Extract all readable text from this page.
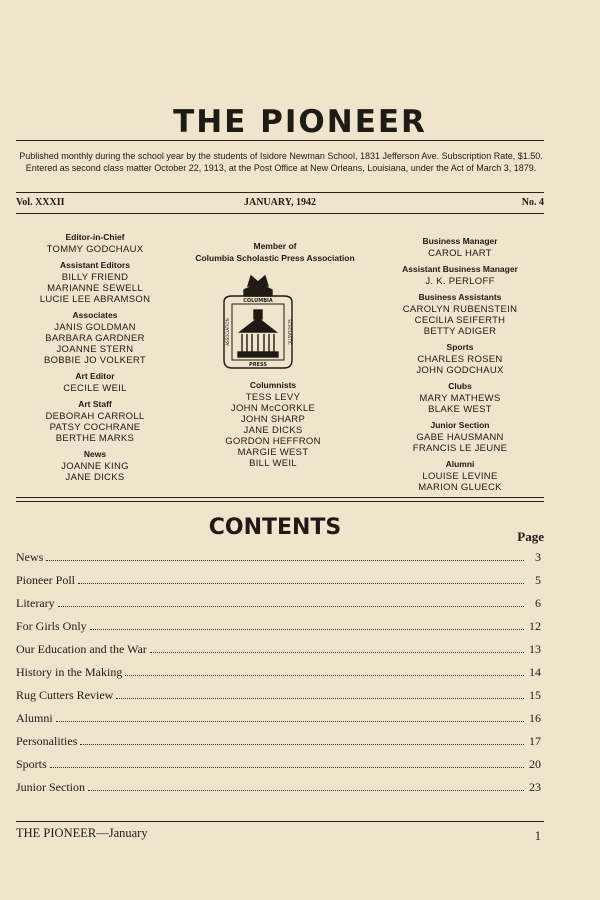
THE PIONEER
Published monthly during the school year by the students of Isidore Newman School, 1831 Jefferson Ave. Subscription Rate, $1.50. Entered as second class matter October 22, 1913, at the Post Office at New Orleans, Louisiana, under the Act of March 3, 1879.
Vol. XXXII	JANUARY, 1942	No. 4
Editor-in-Chief
TOMMY GODCHAUX
Assistant Editors
BILLY FRIEND
MARIANNE SEWELL
LUCIE LEE ABRAMSON
Associates
JANIS GOLDMAN
BARBARA GARDNER
JOANNE STERN
BOBBIE JO VOLKERT
Art Editor
CECILE WEIL
Art Staff
DEBORAH CARROLL
PATSY COCHRANE
BERTHE MARKS
News
JOANNE KING
JANE DICKS
Member of
Columbia Scholastic Press Association
COLUMBIA
PRESS
ASSOCIATION	SCHOLASTIC
Columnists
TESS LEVY
JOHN McCORKLE
JOHN SHARP
JANE DICKS
GORDON HEFFRON
MARGIE WEST
BILL WEIL
Business Manager
CAROL HART
Assistant Business Manager
J. K. PERLOFF
Business Assistants
CAROLYN RUBENSTEIN
CECILIA SEIFERTH
BETTY ADIGER
Sports
CHARLES ROSEN
JOHN GODCHAUX
Clubs
MARY MATHEWS
BLAKE WEST
Junior Section
GABE HAUSMANN
FRANCIS LE JEUNE
Alumni
LOUISE LEVINE
MARION GLUECK
CONTENTS	Page
News	3
Pioneer Poll	5
Literary	6
For Girls Only	12
Our Education and the War	13
History in the Making	14
Rug Cutters Review	15
Alumni	16
Personalities	17
Sports	20
Junior Section	23
THE PIONEER—January	1
